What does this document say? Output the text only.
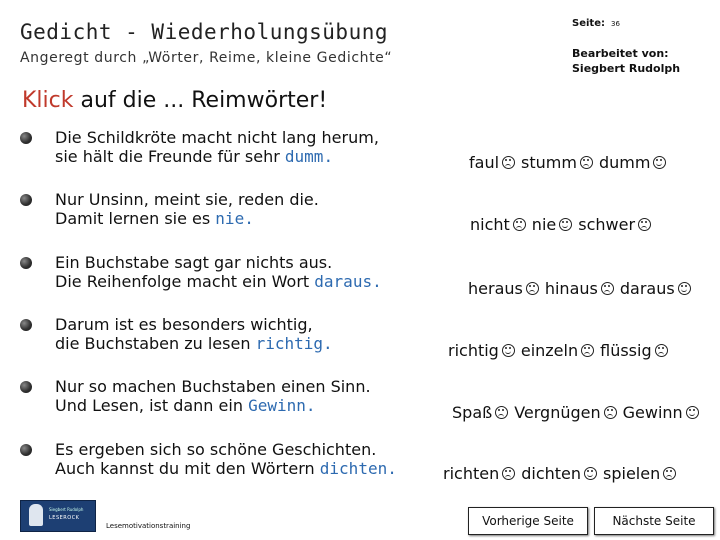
Gedicht - Wiederholungsübung
Angeregt durch „Wörter, Reime, kleine Gedichte“
Seite: 36
Bearbeitet von:
Siegbert Rudolph
Klick auf die ... Reimwörter!
Die Schildkröte macht nicht lang herum,
sie hält die Freunde für sehr dumm.
Nur Unsinn, meint sie, reden die.
Damit lernen sie es nie.
Ein Buchstabe sagt gar nichts aus.
Die Reihenfolge macht ein Wort daraus.
Darum ist es besonders wichtig,
die Buchstaben zu lesen richtig.
Nur so machen Buchstaben einen Sinn.
Und Lesen, ist dann ein Gewinn.
Es ergeben sich so schöne Geschichten.
Auch kannst du mit den Wörtern dichten.
faul stumm dumm
nicht nie schwer
heraus hinaus daraus
richtig einzeln flüssig
Spaß Vergnügen Gewinn
richten dichten spielen
Siegbert Rudolph
LESEROCK
Lesemotivationstraining	Vorherige Seite	Nächste Seite
